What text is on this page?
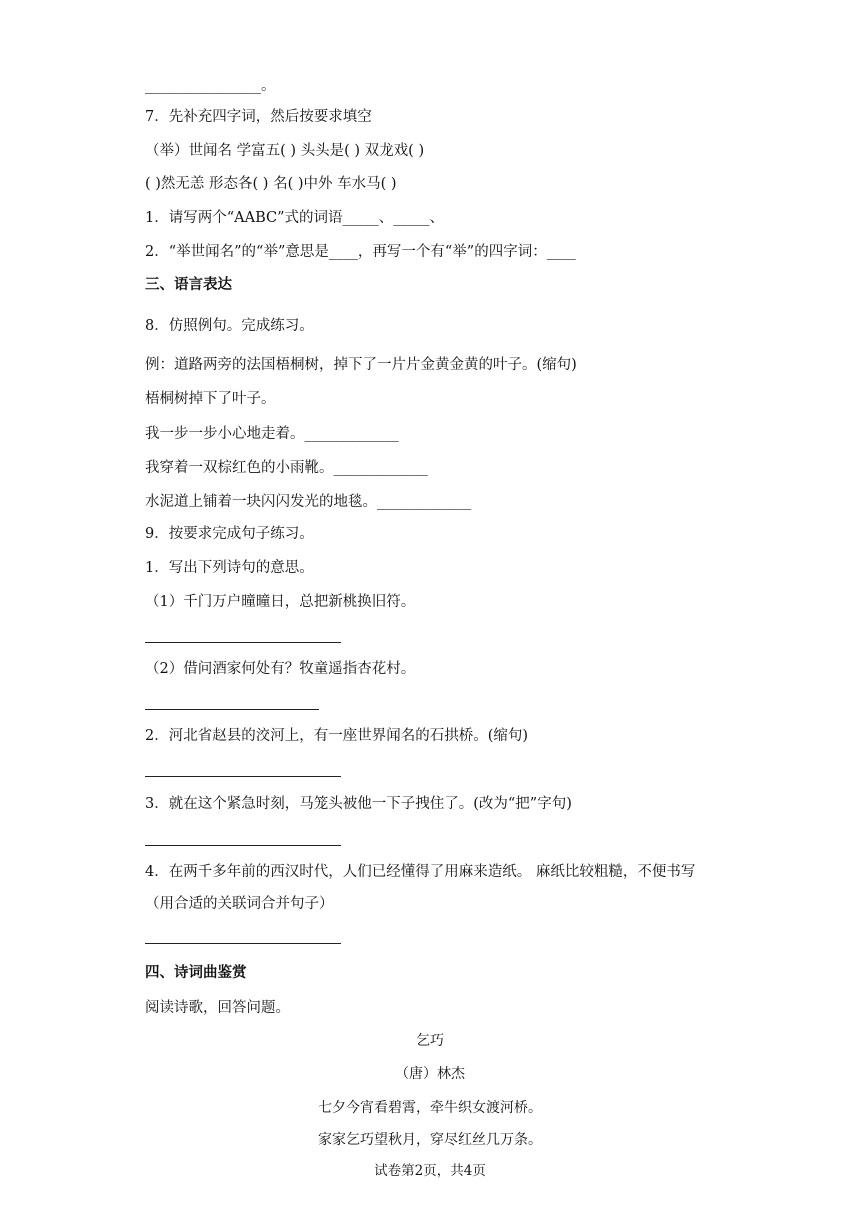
________________。
7．先补充四字词，然后按要求填空
（举）世闻名 学富五( ) 头头是( ) 双龙戏( )
( )然无恙 形态各( ) 名( )中外 车水马( )
1．请写两个“AABC”式的词语_____、_____、
2．“举世闻名”的“举”意思是____，再写一个有“举”的四字词：____
三、语言表达
8．仿照例句。完成练习。
例：道路两旁的法国梧桐树，掉下了一片片金黄金黄的叶子。(缩句)
梧桐树掉下了叶子。
我一步一步小心地走着。_____________
我穿着一双棕红色的小雨靴。_____________
水泥道上铺着一块闪闪发光的地毯。_____________
9．按要求完成句子练习。
1．写出下列诗句的意思。
（1）千门万户曈曈日，总把新桃换旧符。
（2）借问酒家何处有？牧童遥指杏花村。
2．河北省赵县的洨河上，有一座世界闻名的石拱桥。(缩句)
3．就在这个紧急时刻，马笼头被他一下子拽住了。(改为“把”字句)
4．在两千多年前的西汉时代，人们已经懂得了用麻来造纸。 麻纸比较粗糙，不便书写
（用合适的关联词合并句子）
四、诗词曲鉴赏
阅读诗歌，回答问题。
乞巧
（唐）林杰
七夕今宵看碧霄，牵牛织女渡河桥。
家家乞巧望秋月，穿尽红丝几万条。
试卷第2页，共4页
